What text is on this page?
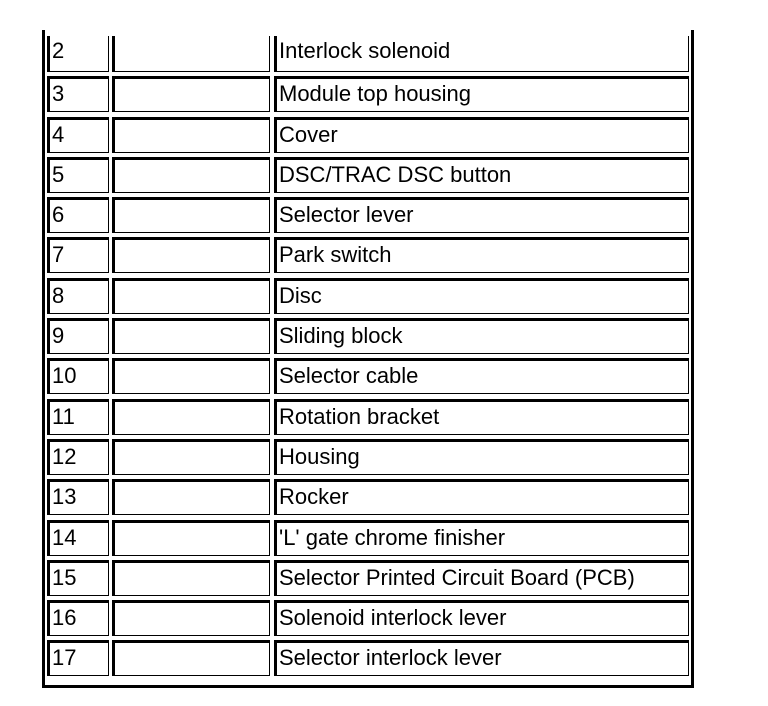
2	Interlock solenoid
3	Module top housing
4	Cover
5	DSC/TRAC DSC button
6	Selector lever
7	Park switch
8	Disc
9	Sliding block
10	Selector cable
11	Rotation bracket
12	Housing
13	Rocker
14	'L' gate chrome finisher
15	Selector Printed Circuit Board (PCB)
16	Solenoid interlock lever
17	Selector interlock lever
